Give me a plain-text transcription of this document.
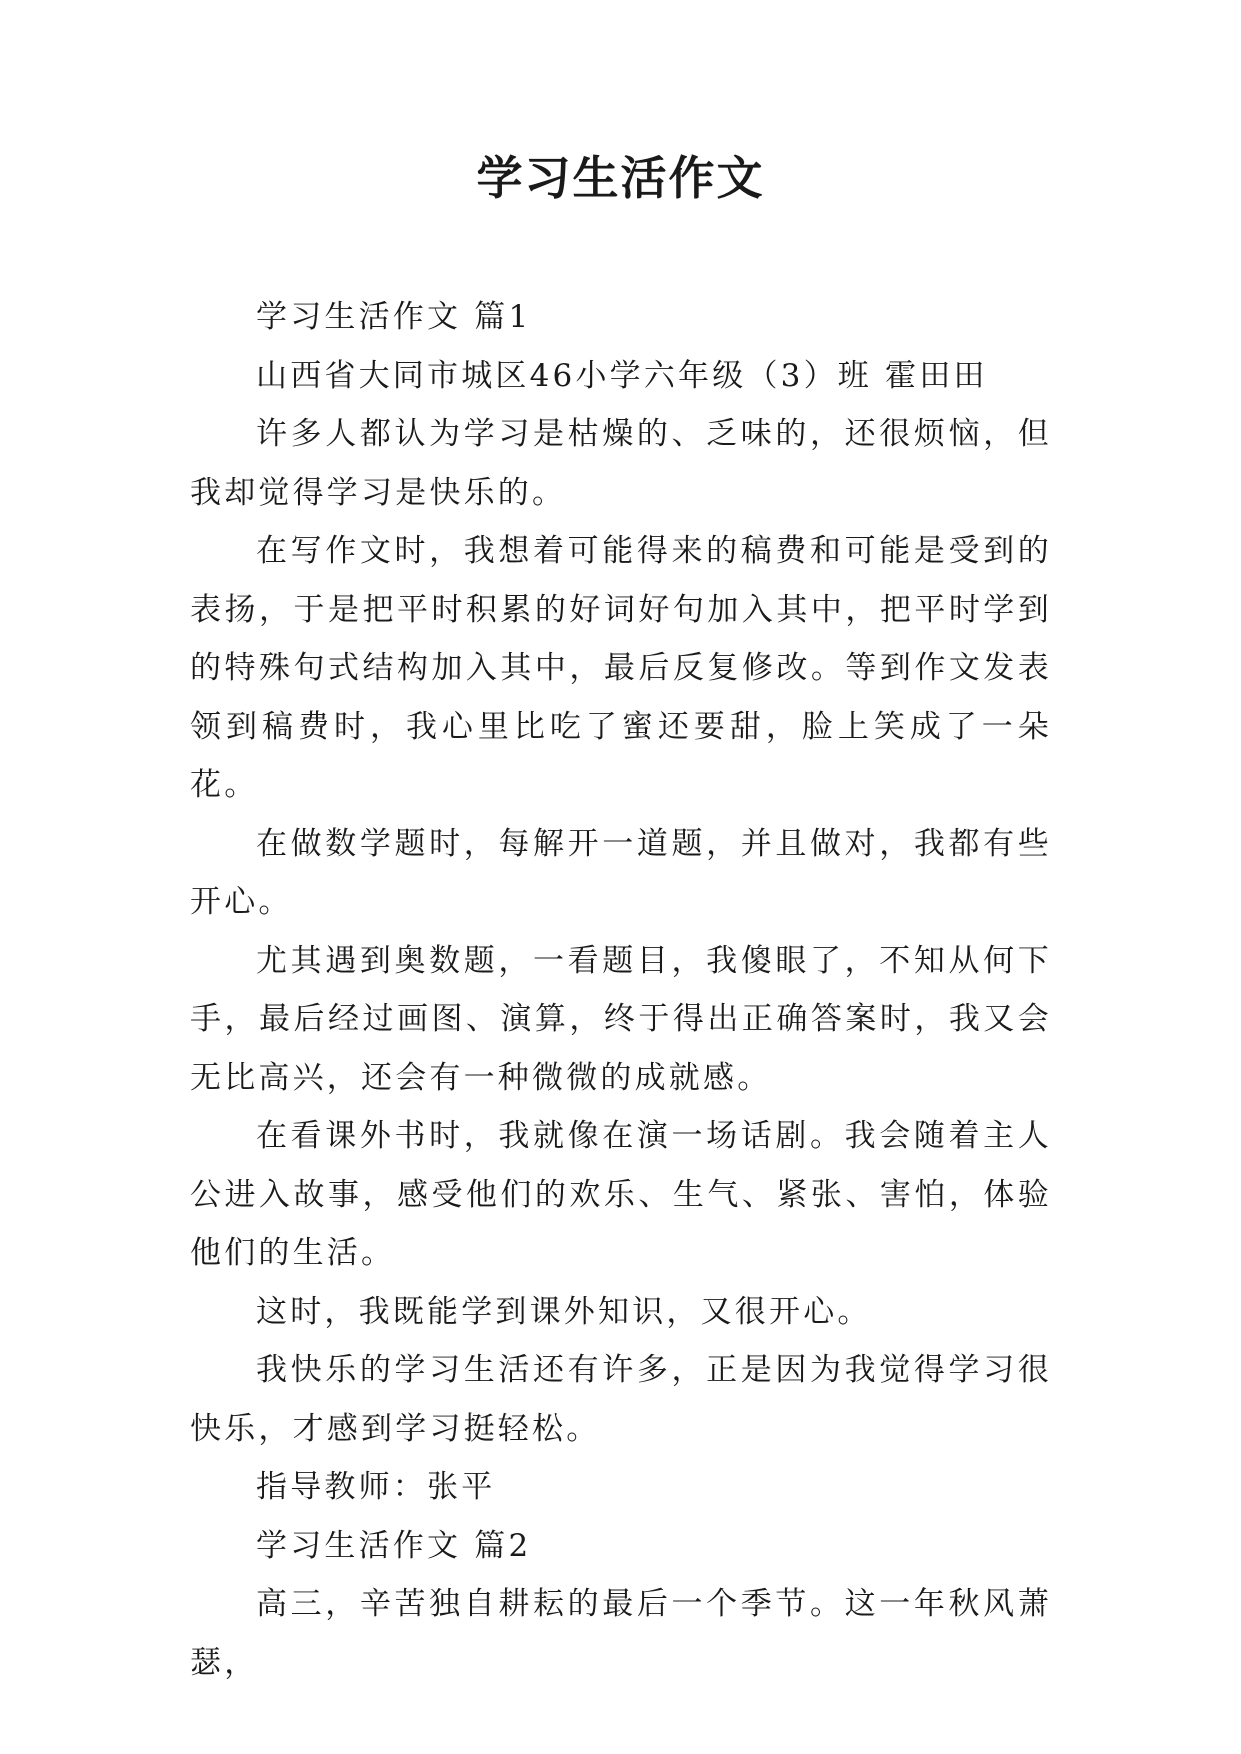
学习生活作文

学习生活作文 篇1

山西省大同市城区46小学六年级（3）班 霍田田

许多人都认为学习是枯燥的、乏味的，还很烦恼，但我却觉得学习是快乐的。

在写作文时，我想着可能得来的稿费和可能是受到的表扬，于是把平时积累的好词好句加入其中，把平时学到的特殊句式结构加入其中，最后反复修改。等到作文发表领到稿费时，我心里比吃了蜜还要甜，脸上笑成了一朵花。

在做数学题时，每解开一道题，并且做对，我都有些开心。

尤其遇到奥数题，一看题目，我傻眼了，不知从何下手，最后经过画图、演算，终于得出正确答案时，我又会无比高兴，还会有一种微微的成就感。

在看课外书时，我就像在演一场话剧。我会随着主人公进入故事，感受他们的欢乐、生气、紧张、害怕，体验他们的生活。

这时，我既能学到课外知识，又很开心。

我快乐的学习生活还有许多，正是因为我觉得学习很快乐，才感到学习挺轻松。

指导教师：张平

学习生活作文 篇2

高三，辛苦独自耕耘的最后一个季节。这一年秋风萧瑟，
